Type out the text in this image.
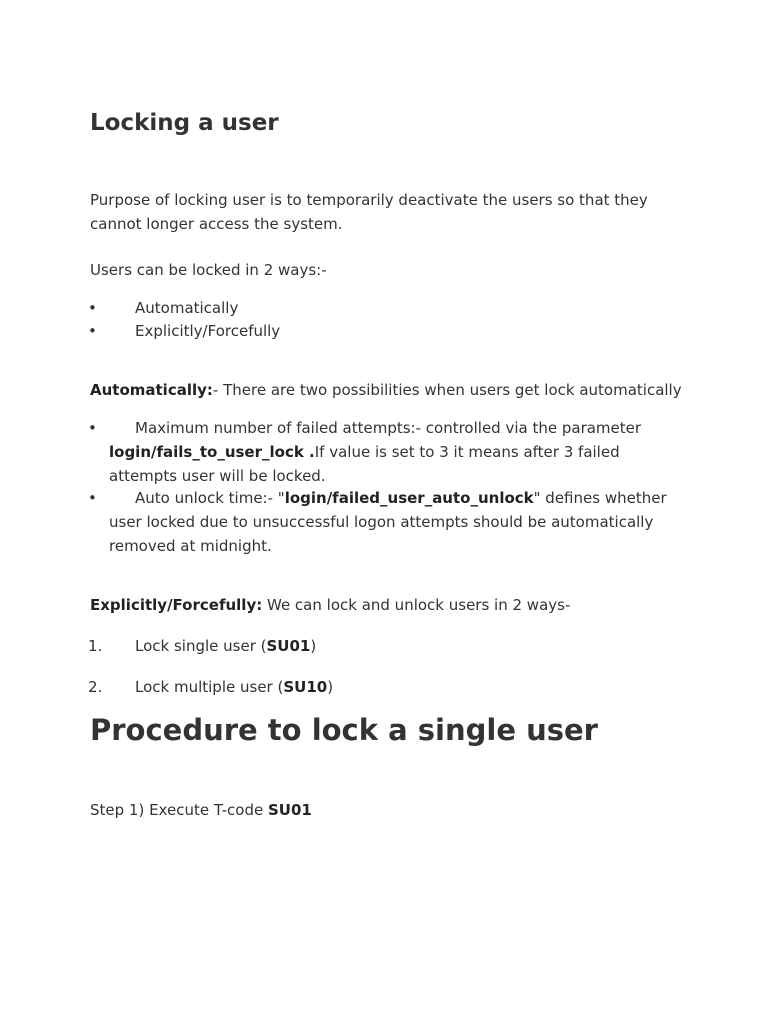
Locking a user

Purpose of locking user is to temporarily deactivate the users so that they cannot longer access the system.

Users can be locked in 2 ways:-

•	Automatically
•	Explicitly/Forcefully

Automatically:- There are two possibilities when users get lock automatically

•	Maximum number of failed attempts:- controlled via the parameter login/fails_to_user_lock .If value is set to 3 it means after 3 failed attempts user will be locked.
•	Auto unlock time:- "login/failed_user_auto_unlock" defines whether user locked due to unsuccessful logon attempts should be automatically removed at midnight.

Explicitly/Forcefully: We can lock and unlock users in 2 ways-

1. Lock single user (SU01)
2. Lock multiple user (SU10)
Procedure to lock a single user

Step 1) Execute T-code SU01
